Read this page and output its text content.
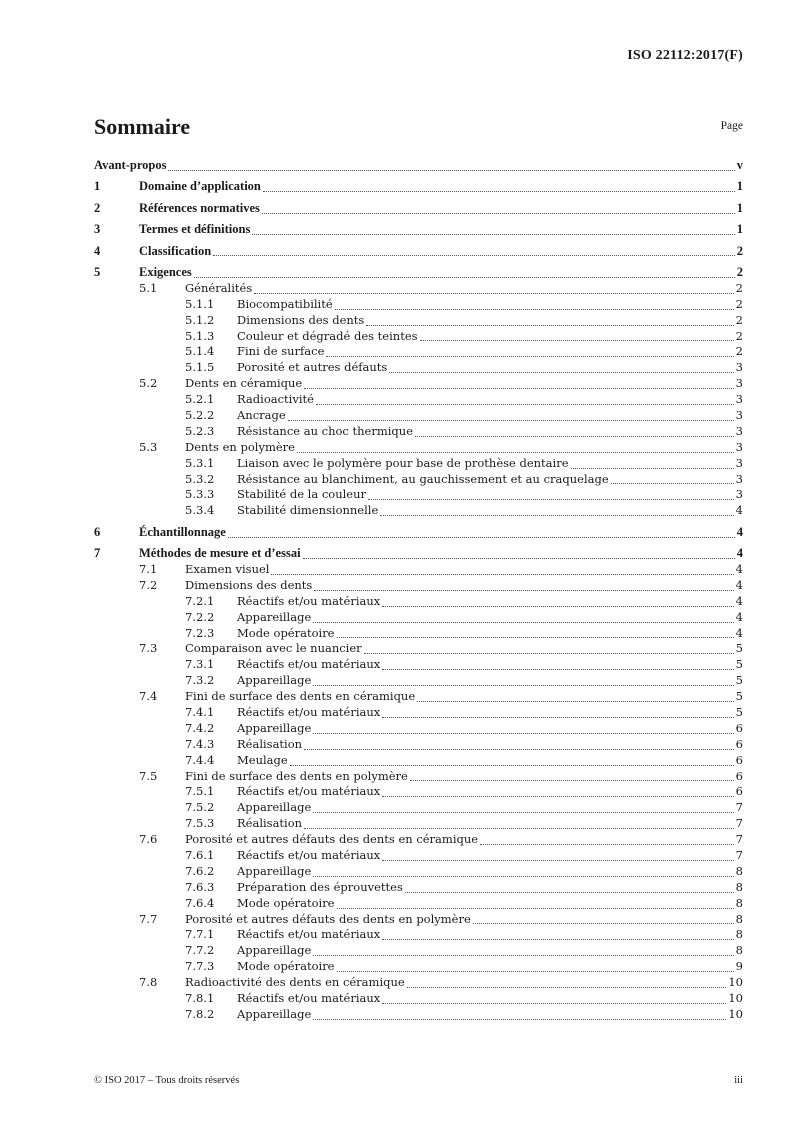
ISO 22112:2017(F)
Sommaire	Page
Avant-propos	v
1	Domaine d’application	1
2	Références normatives	1
3	Termes et définitions	1
4	Classification	2
5	Exigences	2
5.1 Généralités	2
5.1.1 Biocompatibilité	2
5.1.2 Dimensions des dents	2
5.1.3 Couleur et dégradé des teintes	2
5.1.4 Fini de surface	2
5.1.5 Porosité et autres défauts	3
5.2 Dents en céramique	3
5.2.1 Radioactivité	3
5.2.2 Ancrage	3
5.2.3 Résistance au choc thermique	3
5.3 Dents en polymère	3
5.3.1 Liaison avec le polymère pour base de prothèse dentaire	3
5.3.2 Résistance au blanchiment, au gauchissement et au craquelage	3
5.3.3 Stabilité de la couleur	3
5.3.4 Stabilité dimensionnelle	4
6	Échantillonnage	4
7	Méthodes de mesure et d’essai	4
7.1 Examen visuel	4
7.2 Dimensions des dents	4
7.2.1 Réactifs et/ou matériaux	4
7.2.2 Appareillage	4
7.2.3 Mode opératoire	4
7.3 Comparaison avec le nuancier	5
7.3.1 Réactifs et/ou matériaux	5
7.3.2 Appareillage	5
7.4 Fini de surface des dents en céramique	5
7.4.1 Réactifs et/ou matériaux	5
7.4.2 Appareillage	6
7.4.3 Réalisation	6
7.4.4 Meulage	6
7.5 Fini de surface des dents en polymère	6
7.5.1 Réactifs et/ou matériaux	6
7.5.2 Appareillage	7
7.5.3 Réalisation	7
7.6 Porosité et autres défauts des dents en céramique	7
7.6.1 Réactifs et/ou matériaux	7
7.6.2 Appareillage	8
7.6.3 Préparation des éprouvettes	8
7.6.4 Mode opératoire	8
7.7 Porosité et autres défauts des dents en polymère	8
7.7.1 Réactifs et/ou matériaux	8
7.7.2 Appareillage	8
7.7.3 Mode opératoire	9
7.8 Radioactivité des dents en céramique	10
7.8.1 Réactifs et/ou matériaux	10
7.8.2 Appareillage	10
© ISO 2017 – Tous droits réservés	iii
